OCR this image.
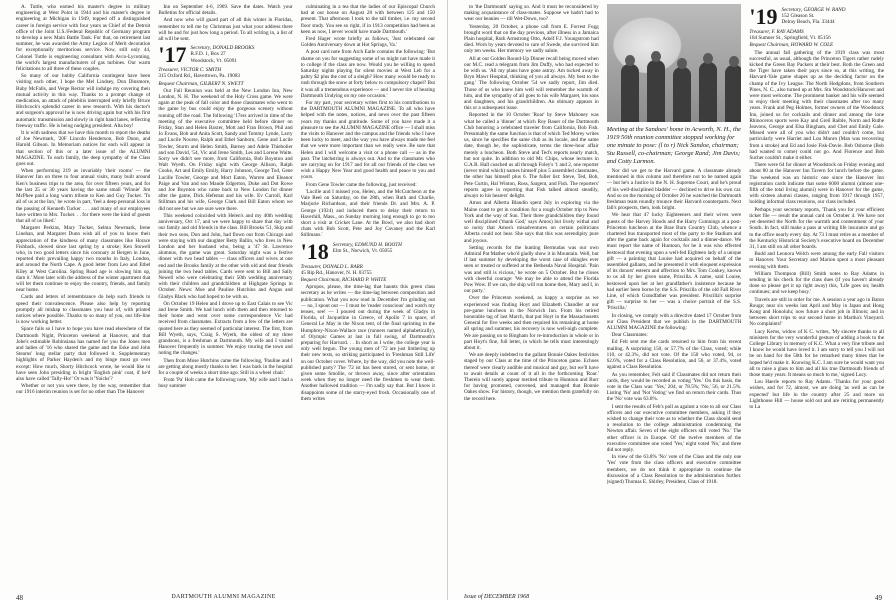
A. Tuttle, who earned his master's degree in military engineering at West Point in 1944 and his master's degree in engineering at Michigan in 1949, topped off a distinguished career in foreign service with four years as Chief of the Detroit office of the Joint U.S./Federal Republic of Germany program to develop a new Main Battle Tank. For that, on retirement last summer, he was awarded the Army Legion of Merit decoration for exceptionally meritorious service. Now, still only 44, Colonel Tuttle is engineering consultant with Avco-Lycoming, the world's largest manufacturers of gas turbines. Our warm felicitations to all three of these couples.

So many of our hubby California contingent have been visiting each other, I hope the Mel Lindsey, Don Dinsmore, Ruby McFalls, and Verge Rector will indulge my covering their mutual activity in this way. Thanks to a prompt change of medication, an attack of phlebitis interrupted only briefly Bruce Hitchcock's splendid career in new research. With his doctor's and surgeon's approval he is now driving again but with his first automatic transmission and slowly in right hand lanes, reflecting freeway traffic. He is being nudging president. Alta boy!

It is with sadness that we have this month to report the deaths of Joe Newmark, '20F Lincoln Henderson, Bob Dunn, and Harold Gibson. In Memoriam notices for each will appear in that section of this or a later issue of the ALUMNI MAGAZINE. To each family, the deep sympathy of the Class goes out.

When performing 219 as invariably 'their rooms' — the Hanover Inn on three to four annual visits, many built around Ken's business trips to the area, for over fifteen years, and for the last 25 or 30 years having the same small 'Winnie' Jim McPhee paid a long warm tribute to Ken and Guy Tucker. 'To all of us at the Inn,' he wrote in part, 'feel a deep personal loss in the passing of Kenneth Tucker . . . and many of our employees have written to Mrs. Tucker. . . for there were the kind of guests that all of us liked.'

Margaret Perkins, Mary Tucker, Selma Newmark, Irene Linehan, and Margaret Dunn wish all of you to know their appreciation of the kindness of many classmates like Horace Fishback, slowed since last spring by a stroke; Ken Stowell who, in two good letters since his coronary at Bergen in June, reported their prevailing happy two months in Italy, London, and around the North Cape. A good letter from Leo and Ethel Kiley at West Carolina. Spring Road age is slowing him up, darn it.' More later with the address of the winter apartment that will let them continue to enjoy the country, friends, and family near home.

Cards and letters of remembrance do help such friends to speed their convalescence. Please also help by reporting promptly all mishap to classmates you hear of, with printed notices where possible. Thanks to so many of you, our life-line is now working better.

Space fails so I have to hope you have read elsewhere of the Dartmouth Night, Princeton weekend at Hanover, and that Jobe's estimable Robinsiana has named for you the Jones men and ladies of '16 who shared the game and the Eske and John Stearns' long stellar party that followed it. Supplementary highlights of Parker Hayden's and my binge must go over except: How much, Shorty Hitchcock wrote, he would like to have seen John presiding in bright 'English pink' coat, if he'd also have called 'Tally-Ho!' Or was it 'Yoicks'?

Whether or not you were there, by the way, remember that our 1916 interim reunion is set for no other than The Hanover

Inn on September 4-6, 1969. Save the dates. Watch your Bulletins for official details.

And now who will guard part of all this winter in Floridas, remember to tell me by Christmas just what your address there will be and for just how long a period. To all writing in, a list of all will be sent.

'17 Secretary, DONALD BROOKS
R.F.D. 1, Box 27
Woodstock, Vt. 05091

Treasurer, VICTOR C. SMITH
315 Oxford Rd., Havertown, Pa. 19083

Bequest Chairman, GILBERT N. SWETT

Our Fall Reunion was held at the New London Inn, New London, N. H. The weekend of the Holy Cross game. We were again at the peak of fall color and those classmates who went to the game by bus could enjoy the gorgeous scenery without running off the road. The following '17ers arrived in time of the meeting of the executive committee held before dinner on Friday, Stan and Helen Baxter, Mott and Fran Brown, Phil and Jo Evans, Bob and Anita Scott, Sandy and Tommy Lynde, Larry and Lucile Nourse, Ralph and Ethel Sanborn, Gene and Lucile Towler, Sturm and Helen Smith, Barney and Adele Thiebolier and son David, '54, Vic and Irene Smith, Les and Lorene Waite. Sorry we didn't see more, from California, Bob Boynton and Walt Wyeth. On Friday night with George Allison, Ralph Cooke, Art and Emily Emily, Harry Johnson, George Tod, Gene Lucille Towler, George and Mort Eaton, Warren and Eleanor Paige and Van and son Maude Edgerton, Duke and Dot Rowe and Joe Boynton who came back to New London for dinner after the game, Dick Hefemat and his wife. Ev Carroll, Karl Stillman and his wife, George Clark and Bill Eaton whom we did not see but we are sure were there.

This weekend coincided with Helen's and my 40th wedding anniversary, Oct 17, and we were happy to share that day with our family and old friends in the class. Bill Brooks '51, Skip and their two sons, Don and John, had flown out from Chicago and were staying with our daughter Betty Ballin, who lives in New London and her husband who, being a '47 St. Lawrence alumnus, the game was great. Saturday night was a festive dinner with two head tables — class officers and wives at one end and the Brooks family at the other with old and dear friends joining the two head tables. Cards were sent to Bill and Sally Newell who were celebrating their 50th wedding anniversary with their children and grandchildren at Highgate Springs in October. News: Moe and Pauline Hutchins and Angus and Gladys Black who had hoped to be with us.

On October 19 Helen and I drove up to East Calais to see Vic and Irene Smith. We had lunch with them and then returned to their home and went over some correspondence Vic had received from classmates. Extracts from a few of the letters are quoted here as they seemed of particular interest. The first, from Bill Wyeth, says, 'Craig S. Wyeth, the oldest of my three grandsons, is a freshman at Dartmouth. My wife and I visited Hanover frequently in summer. We enjoy touring the town and noting the changes.'

Then from Mose Hutchins came the following, 'Pauline and I are getting along mostly thanks to her. I was back in the hospital for a couple of weeks a short time ago. Still in a wheel chair.'

From 'Pa' Holt came the following note, 'My wife and I had a busy summer

culminating in a tea that the ladies of our Episcopal Church had at our house on August 28 with between 125 and 150 present. That afternoon I took to the tall timber, i.e. my second floor study. You see so right, if in 1913 competition had been as keen as now, I never would have made Dartmouth.'

Fred Hager wrote briefly as follows, 'Just celebrated our Golden Anniversary down at Hot Springs, Va.'

A post card note from Arch Earle contains the following: 'But shame on you for suggesting some of us might not have made it to college if the class are now. Would you be willing to spend Saturday nights playing for silent movies at West Leb for a paltry $2 plus the cost of a sleigh? How many would be ready to rush through the snow at forty below to compulsory chapel? But it was all a tremendous experience — and I never tire of hearing Dartmouth Undying on my one occasion.'

For my part, your secretary writes first to his contributions to the DARTMOUTH ALUMNI MAGAZINE. To all who have helped with the notes, notices, and news over the past fifteen years my thanks and gratitude. Some of you have made it a pleasure to see the ALUMNI MAGAZINE office — I shall miss the visits to Hanover and the campus and the friends who I have been lucky to meet, and the way you have always made me feel that we were more important than we really were. Be sure that Helen and I will welcome a visit or a phone call — as in the past. The latchstring is always out. And to the classmates who are carrying on for 1917 and for all our friends of the class we wish a Happy New Year and good health and peace to you and yours.

From Gene Towler came the following, just received:

'Lucille and I missed you, Helen, and the McCutcheon at the Vale Reel on Saturday, on the 28th, when Ruth and Charlie, Marjorie Richardson, and their friends Dr. and Mrs. A. P. George (1924) and induced them to delay their return to Haverhill, Mass., on Sunday morning long enough to go to too short a visit at Cricket Lane. At the Bowl, we also had short chats with Bob Scott, Pete and Joy Cavaney and the Karl Stillmans.'

'18 Secretary, EDMUND H. BOOTH
Elm St., Norwich, Vt. 05055

Treasurer, DONALD L. BARR
45 Rip Rd., Hanover, N. H. 03755

Bequest Chairman, RICHARD P. WHITE

Apropos, please, the time-lag that haunts this green class secretary as he writes — the time-lag between composition and publication. What you now read in December I'm grinding out — no, I spout out — I must be 'reader conscious' and watch my tenses, see! — I poured out during the week of Gladys in Florida, of Jacqueline in Greece, of Apollo 7 in space, of General Le May in the Nixon tent, of the final sprinting in the Humphrey-Nixon-Wallace race (runners named alphabetically), of Olympic Games at last in full swing, of Dartmouth's preparing for Harvard. . . In short as I write, the college year is only well begun. The young men of '72 are just limbering up their new texts, so striking participated in 'Freshman Still Life' on our October cover. Where, by the way, did you note the well-published party? The '72 ist has been stored, or sent home, or given some Smollie, or thrown away, since after orientation week when they no longer need the freshmen to wear them. Another hallowed tradition — I'm sadly say that. But I know it disappoints some of the starry-eyed frosh. Occasionally one of them writes

48	DARTMOUTH ALUMNI MAGAZINE

to 'the Dartmouth' saying so. And it must be reconsidered by making acquaintance of class-mates. Suppose we hadn't had to wear our beanies — till Wet-Down, too?

Yesterday, 20 October, a phone call from E. Forrest Fogg brought word that on the day previous, after illness in a Jamaica Plain hospital, Ruth Armstrong Otto, Adolf F.J. Youngstrom had died. Worn by years devoted to care of Swede, she survived him only ten weeks. Her memory we sadly salute.

All at our Golden Round-Up Dinner recall being moved when our M.C. read a telegram from Jim Duffy, who had expected to be with us. 'All my plans have gone astray. Am tucked away in Bryn Mawr Hospital, thinking of you all always. My best to the gang.' The following October '54 we sadly report, Jim died. Those of us who knew him well will remember the warmth of him, and the sympathy of all goes to his wife Margaret, his sons and daughters, and his grandchildren. An obituary appears in this or a subsequent issue.

Reported in the 10 October 'Roar' by Steve Mahoney was what he called a 'dinner' at which Roy Bauer of the Dartmouth Club honoring a celebrated traveler from California, Bob Fish. Presumably the same function is that of which Ted Morey writes us, since he specifies the same club as its locale, and the same date, though he, the sophisticate, terms the three-hour affair merely a luncheon. Both Steve and Ted's reports nearly match, but not quite. In addition to old Mr. Chips, whose lectures in G.A.R. Hall coached us all through Foley's '1 and 2, one reporter (never mind which) names himself plus 5 assembled classmates, the other has himself plus 6. The fuller list: Steve, Ted, Bob, Pete Curtin, Hal Winton, Ross, Sargent, and Fish. The reporters' reports agree in reporting that Fish talked almost steadily, always to his hearers' delight.

Amos and Alberta Blandin spent July in exploring via the Maine coast to get in condition for a rough October trip to New York and the way of Sun. Their three grandchildren they found well disciplined ('thank God,' says Amos) but lively withal and so noisy that Amos's misadventures on certain politicians Alberta could not hear. She says that this was serendipity pure and joyous.

Setting records for the hunting Bermudas was our own Admiral Pat Mather who'd gladly show it in Mountain. Well, but if last summer by developing the worst case of shingles ever seen or treated or suffered at the Bethesda Naval Hospital. 'Pain was and still is vicious,' he wrote on 5 October. But he closes with cheerful courage: 'We may be able to attend the Florida Pow Wow. If we can, the ship will run home then, Mary and I, in our party.'

Over the Princeton weekend, as happy a surprise as we experienced was finding Hoyt and Elizabeth Chandler at our pre-game luncheon in the Norwich Inn. From his retired honorable tag of last March, that put Hoyt in the Massachusetts General for five weeks and then required his remaining at home all spring and summer, his recovery is now well-nigh complete. We are passing on to Bingham for re-introduction in whole or in part Hoyt's fine, full letter, in which he tells most interestingly about it.

We are deeply indebted to the gallant Bonnie Oakes festivities staged by our Class at the time of the Princeton game. Echoes thereof were clearly audible and musical and gay, but we'll have to await details at count of it all in the forthcoming 'Roar.' Therein will surely appear merited tribute to Huntoon and Burr for having promoted, convened, and managed that Bonnie Oakes show. For history, though, we mention them gratefully on the record here.

Meeting at the Sandoes' home in Acworth, N. H., the 1919 50th reunion committee stopped working for one minute to pose: (l to r) Nick Sandoe, chairman; Stu Russell, co-chairman; George Rand; Jim Davis; and Cotty Larmon.

Nor did we get to the Harvard game. A classmate already mentioned in this column and therefore not to be named again — but he's a Justice in the N. H. Supreme Court, and he's proud of his well-disciplined bladder — declined to drive his own car. And so on the morning of October 26 he watched the Dartmouth freshman team roundly trounce their Harvard counterparts. Next fall's prospects, then, look bright.

We hear that 47 lucky Eighteeners and their wives were guests of the Harvey Hoods and the Harry Cumnings at a post-Princeton luncheon at the Brae Burn Country Club, whence a chartered bus transported most of the party to the Stadium and after the game back again for cocktails and a dinner-dance. We must report the name of Huntoon, for he it was who effected bestowal that evening upon a well-fed Eighteen lady of a unique gift — a painting that Louise had acquired on behalf of the assembled gallants, and he presented it with eloquent expression of its donors' esteem and affection to Mrs. Tom Conkey, known to us all by her given name, Priscilla. A name, said Louise, bestowed upon her at her grandfather's insistence because he had earlier been borne by the S.S. Priscilla of the old Fall River Line, of which Grandfather was president. Priscilla's surprise gift — surprise to her — was a choice portrait of the S.S. 'Priscilla.'

In closing, we comply with a directive dated 17 October from our Class President that we publish in the DARTMOUTH ALUMNI MAGAZINE the following:

Dear Classmates:

Ed Felt sent me the cards returned to him from his recent mailing. A surprising 150, or 57.7% of the Class, voted; while 110, or 42.3%, did not vote. Of the 150 who voted, 94, or 62.6%, voted for a Class Resolution, and 56, or 37.4%, voted against a Class Resolution.

As you remember, Felt said if Classmates did not return their cards, they would be recorded as voting 'Yes.' On this basis, the vote in the Class was: 'Yes,' 204, or 78.5%; 'No,' 56, or 21.5%. Listing 'No' and 'Not Voting' we find on return their cards. Thus the 'No' vote was 63.8%.

I sent the results of Felt's poll as against a vote to all our Class officers and our executive committee members, asking if they wished to change their vote as to whether the Class should send a resolution to the college administration condemning the Newton affair. Seven of the eight officers still voted 'No.' The other officer is in Europe. Of the twelve members of the executive committee one voted 'Yes,' eight voted 'No,' and three did not reply.

In view of the 63.8% 'No' vote of the Class and the only one 'Yes' vote from the class officers and executive committee members, we do not think it appropriate to continue the discussion of a Class Resolution to the administration further. (signed) Thomas E. Shirley, President, Class of 1918.

'19 Secretary, GEORGE W. RAND
152 Gleason St.
Delray Beach, Fla. 33444

Treasurer, F. RAY ADAMS
184 Sumner St., Springfield, Vt. 05156

Bequest Chairman, HOWARD W. COLE

The annual fall gathering of the 1919 class was most successful, as usual, although the Princeton Tigers rather rudely kicked the Green Bay Packers at their best. Both the Green and the Tiger have taken their pays since so, at this writing, the Harvard-Yale game shapes up as the deciding factor on the champ of the Ivy League. The North Hodgdons, from Southern Pines, N. C., also turned up at Mrs. Stu Woodstock/Hanover and were most welcome. The prominent banker and his wife seemed to enjoy their meeting with their classmates after too many years. Frank and Peg Holmes, former owners of the Woodstock Inn, joined us for cocktails and dinner and among the lone Rhinoceros sports were Kay and Greil Raible, Norm and Ruthe Jeavons, George and Elsa Bingham, and Chet and Emily Gale. Missed were all of you who didn't and couldn't come, but particularly were Harriet and Lou Munro (Man was recovering from a stroke) and Ed and Josie Fisk-Davie. Bob Osborne (Bob had wanted to come) could not go. And Florence and Bob Sucher couldn't make it either.

There were 64 for dinner at Woodstock on Friday evening and about 80 at the Hanover Inn Tavern for lunch before the game. The weekend was an historic one since the Hanover Inn registration cards indicate that some 6000 alumni (almost one-fifth of the total living alumni) were in Hanover for the game, with sixteen alumni classes, ranging from 1917 through 1957, holding informal class reunions, our class included.

Perhaps your secretary reports, 'Thank you for your efficient ticket file — result the annual card on October 4. We have not yet deserted the North for the warmth and contentment of your South. In fact, still make a pass at writing life insurance and go to the office nearly every day. At 73 I must retire as a member of the Kentucky Historical Society's executive board on December 31, I am still on all other boards.

Budd and Leonora Welch were among the early Fall visitors to Hanover. Your Secretary and Marion spent a most pleasant evening with them.

William Thompson (Bill) Smith notes to Ray Adams in sending in his check for the class dues (if you haven't already done so please get it up right away) this, 'Life goes on; health continues; and we keep busy.'

Travels are still in order for me. A session a year ago in Baton Rouge; near six weeks last April and May in Japan and Hong Kong and Honolulu; now future a short job in Illinois; and in between short trips to our second home in Martha's Vineyard. No complaints!'

Lucy Kerns, widow of K C. writes, 'My sincere thanks to all ministers for the very wonderful gesture of adding a book to the College Library in memory of K.C. What a very fine tribute and I know he would have loved it. I am sorry to tell you I will not be on hand for the 50th for he remarked many times that he hoped he'd make it. Knowing K.C. I am sure he would want you all to raise a glass to him and all his true Dartmouth friends of those many years. It means so much to me,' signed Lucy.

Lou Haerle reports to Ray Adams. 'Thanks for your good wishes, and for 72, almost, we are doing 'as well as can be expected' but life in the country after 25 and more on Lighthouse Hill — house sold out and are retiring permanently to La

Issue of DECEMBER 1968	49
